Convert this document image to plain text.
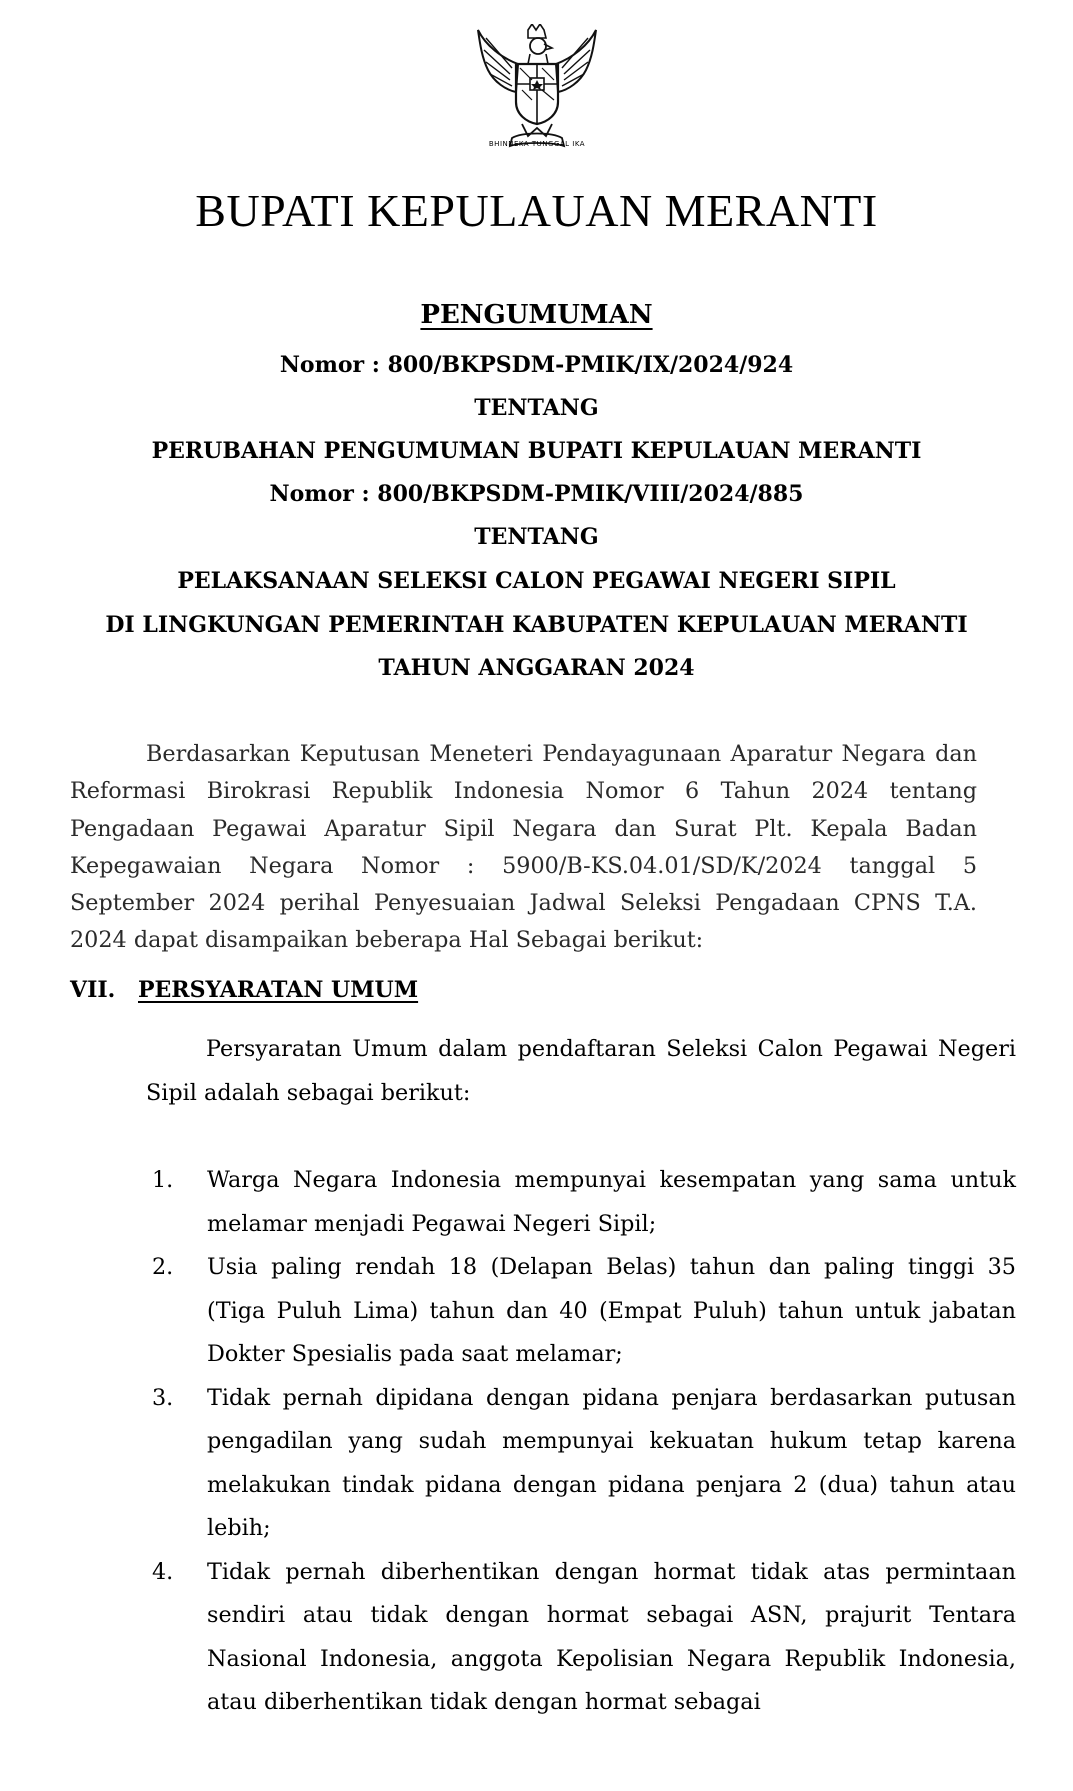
BHINNEKA TUNGGAL IKA
BUPATI KEPULAUAN MERANTI

PENGUMUMAN

Nomor : 800/BKPSDM-PMIK/IX/2024/924

TENTANG

PERUBAHAN PENGUMUMAN BUPATI KEPULAUAN MERANTI

Nomor : 800/BKPSDM-PMIK/VIII/2024/885

TENTANG

PELAKSANAAN SELEKSI CALON PEGAWAI NEGERI SIPIL

DI LINGKUNGAN PEMERINTAH KABUPATEN KEPULAUAN MERANTI

TAHUN ANGGARAN 2024

Berdasarkan Keputusan Meneteri Pendayagunaan Aparatur Negara dan Reformasi Birokrasi Republik Indonesia Nomor 6 Tahun 2024 tentang Pengadaan Pegawai Aparatur Sipil Negara dan Surat Plt. Kepala Badan Kepegawaian Negara Nomor : 5900/B-KS.04.01/SD/K/2024 tanggal 5 September 2024 perihal Penyesuaian Jadwal Seleksi Pengadaan CPNS T.A. 2024 dapat disampaikan beberapa Hal Sebagai berikut:

VII. PERSYARATAN UMUM

Persyaratan Umum dalam pendaftaran Seleksi Calon Pegawai Negeri Sipil adalah sebagai berikut:

1. Warga Negara Indonesia mempunyai kesempatan yang sama untuk melamar menjadi Pegawai Negeri Sipil;
2. Usia paling rendah 18 (Delapan Belas) tahun dan paling tinggi 35 (Tiga Puluh Lima) tahun dan 40 (Empat Puluh) tahun untuk jabatan Dokter Spesialis pada saat melamar;
3. Tidak pernah dipidana dengan pidana penjara berdasarkan putusan pengadilan yang sudah mempunyai kekuatan hukum tetap karena melakukan tindak pidana dengan pidana penjara 2 (dua) tahun atau lebih;
4. Tidak pernah diberhentikan dengan hormat tidak atas permintaan sendiri atau tidak dengan hormat sebagai ASN, prajurit Tentara Nasional Indonesia, anggota Kepolisian Negara Republik Indonesia, atau diberhentikan tidak dengan hormat sebagai
